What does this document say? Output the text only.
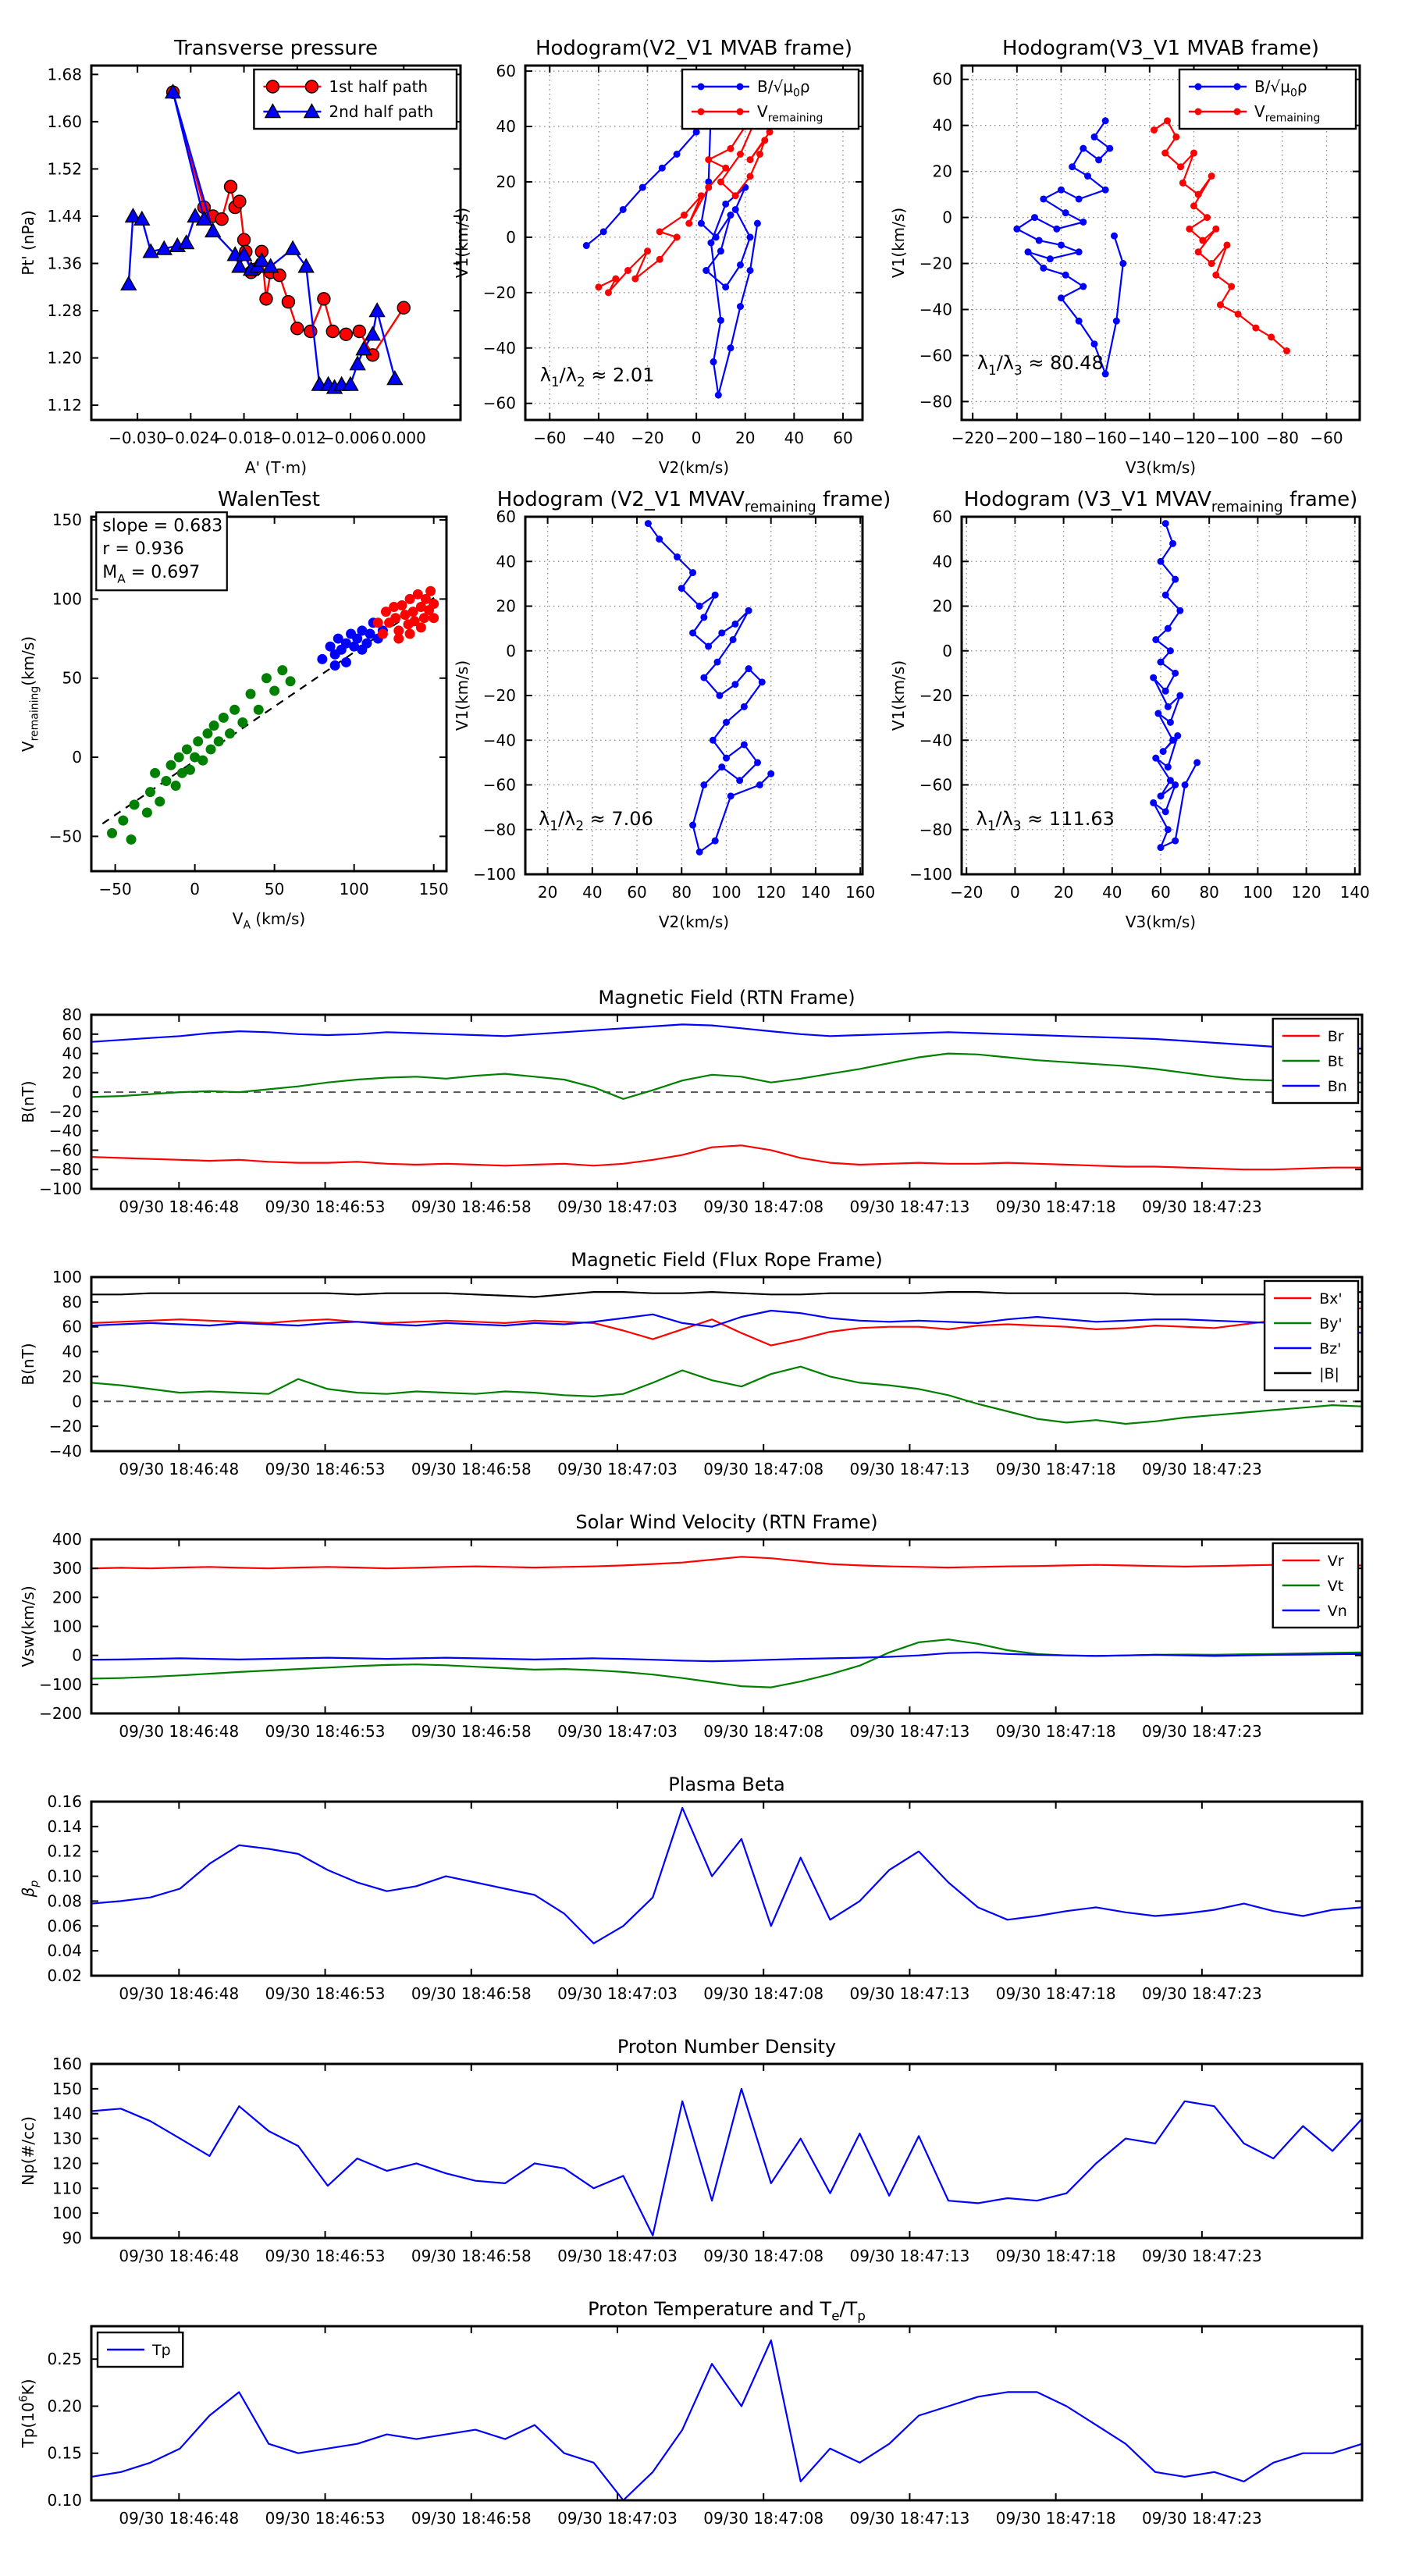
−0.030
−0.024
−0.018
−0.012
−0.006 0.000
1.12
1.20
1.28
1.36
1.44
1.52
1.60
1.68
A' (T·m)
Pt' (nPa)
Transverse pressure
1st half path
2nd half path
−60 −40 −20 0 20 40 60
−60
−40
−20
0
20
40
60
V2(km/s)
V1(km/s)
Hodogram(V2_V1 MVAB frame)
$\lambda_1/\lambda_2 \approx 2.01$
$B/√\mu_0\rho$
$V_{remaining}$
−220 −200 −180 −160 −140 −120 −100 −80 −60
−80
−60
−40
−20
0
20
40
60
V3(km/s)
V1(km/s)
Hodogram(V3_V1 MVAB frame)
$\lambda_1/\lambda_3 \approx 80.48$
$B/√\mu_0\rho$
$V_{remaining}$
−50	0	50	100	150
−50
0
50
100
150
$V_A$ (km/s)
$V_{remaining}(km/s)$
WalenTest
slope = 0.683
r = 0.936
$M_A = 0.697$
20 40 60 80 100 120 140 160
−100
−80
−60
−40
−20
0
20
40
60
V2(km/s)
V1(km/s)
Hodogram (V2_V1 $MVAV_{remaining}$ frame)
$\lambda_1/\lambda_2 \approx 7.06$
−20 0 20 40 60 80 100 120 140
−100
−80
−60
−40
−20
0
20
40
60
V3(km/s)
V1(km/s)
Hodogram (V3_V1 $MVAV_{remaining}$ frame)
$\lambda_1/\lambda_3 \approx 111.63$
09/30 18:46:48 09/30 18:46:53 09/30 18:46:58 09/30 18:47:03 09/30 18:47:08 09/30 18:47:13 09/30 18:47:18 09/30 18:47:23
80
60
40
20
0
−20
−40
−60
−80
−100
B(nT)
Magnetic Field (RTN Frame)
Br
Bt
Bn
09/30 18:46:48 09/30 18:46:53 09/30 18:46:58 09/30 18:47:03 09/30 18:47:08 09/30 18:47:13 09/30 18:47:18 09/30 18:47:23
100
80
60
40
20
0
−20
−40
B(nT)
Magnetic Field (Flux Rope Frame)
Bx'
By'
Bz'
|B|
09/30 18:46:48 09/30 18:46:53 09/30 18:46:58 09/30 18:47:03 09/30 18:47:08 09/30 18:47:13 09/30 18:47:18 09/30 18:47:23
400
300
200
100
0
−100
−200
Vsw(km/s)
Solar Wind Velocity (RTN Frame)
Vr
Vt
Vn
09/30 18:46:48 09/30 18:46:53 09/30 18:46:58 09/30 18:47:03 09/30 18:47:08 09/30 18:47:13 09/30 18:47:18 09/30 18:47:23
0.16
0.14
0.12
0.10
0.08
0.06
0.04
0.02
$\beta_p$
Plasma Beta
09/30 18:46:48 09/30 18:46:53 09/30 18:46:58 09/30 18:47:03 09/30 18:47:08 09/30 18:47:13 09/30 18:47:18 09/30 18:47:23
160
150
140
130
120
110
100
90
Np(#/cc)
Proton Number Density
09/30 18:46:48 09/30 18:46:53 09/30 18:46:58 09/30 18:47:03 09/30 18:47:08 09/30 18:47:13 09/30 18:47:18 09/30 18:47:23
0.25
0.20
0.15
0.10
$Tp(10^6K)$
Proton Temperature and $T_e/T_p$
Tp
